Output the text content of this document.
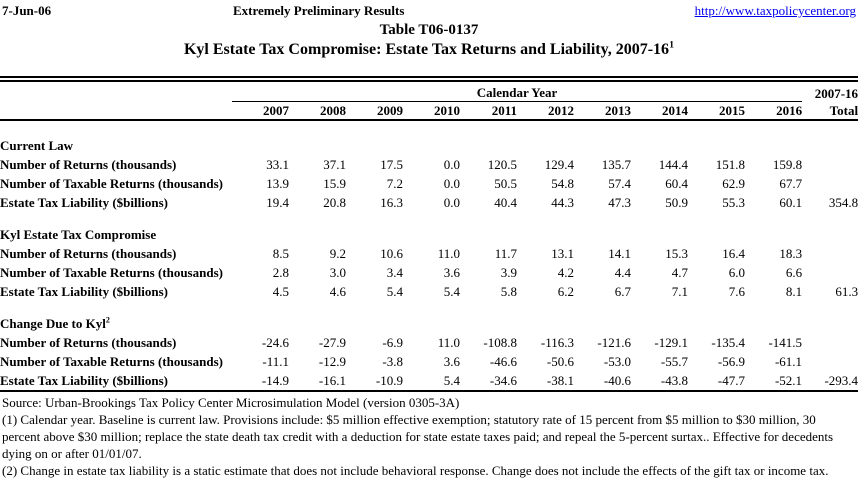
7-Jun-06	Extremely Preliminary Results	http://www.taxpolicycenter.org
Table T06-0137
Kyl Estate Tax Compromise: Estate Tax Returns and Liability, $2007-16^1$
	Calendar Year										2007-16
	2007	2008	2009	2010	2011	2012	2013	2014	2015	2016	Total

Current Law											
Number of Returns (thousands)	33.1	37.1	17.5	0.0	120.5	129.4	135.7	144.4	151.8	159.8	
Number of Taxable Returns (thousands)	13.9	15.9	7.2	0.0	50.5	54.8	57.4	60.4	62.9	67.7	
Estate Tax Liability ($billions)	19.4	20.8	16.3	0.0	40.4	44.3	47.3	50.9	55.3	60.1	354.8

Kyl Estate Tax Compromise											
Number of Returns (thousands)	8.5	9.2	10.6	11.0	11.7	13.1	14.1	15.3	16.4	18.3	
Number of Taxable Returns (thousands)	2.8	3.0	3.4	3.6	3.9	4.2	4.4	4.7	6.0	6.6	
Estate Tax Liability ($billions)	4.5	4.6	5.4	5.4	5.8	6.2	6.7	7.1	7.6	8.1	61.3

Change Due to Kyl$^2$
Number of Returns (thousands)	-24.6	-27.9	-6.9	11.0	-108.8	-116.3	-121.6	-129.1	-135.4	-141.5	
Number of Taxable Returns (thousands)	-11.1	-12.9	-3.8	3.6	-46.6	-50.6	-53.0	-55.7	-56.9	-61.1	
Estate Tax Liability ($billions)	-14.9	-16.1	-10.9	5.4	-34.6	-38.1	-40.6	-43.8	-47.7	-52.1	-293.4

Source: Urban-Brookings Tax Policy Center Microsimulation Model (version 0305-3A)

(1) Calendar year. Baseline is current law. Provisions include: $5 million effective exemption; statutory rate of 15 percent from $5 million to $30 million, 30 percent above $30 million; replace the state death tax credit with a deduction for state estate taxes paid; and repeal the 5-percent surtax.. Effective for decedents dying on or after 01/01/07.

(2) Change in estate tax liability is a static estimate that does not include behavioral response. Change does not include the effects of the gift tax or income tax.
